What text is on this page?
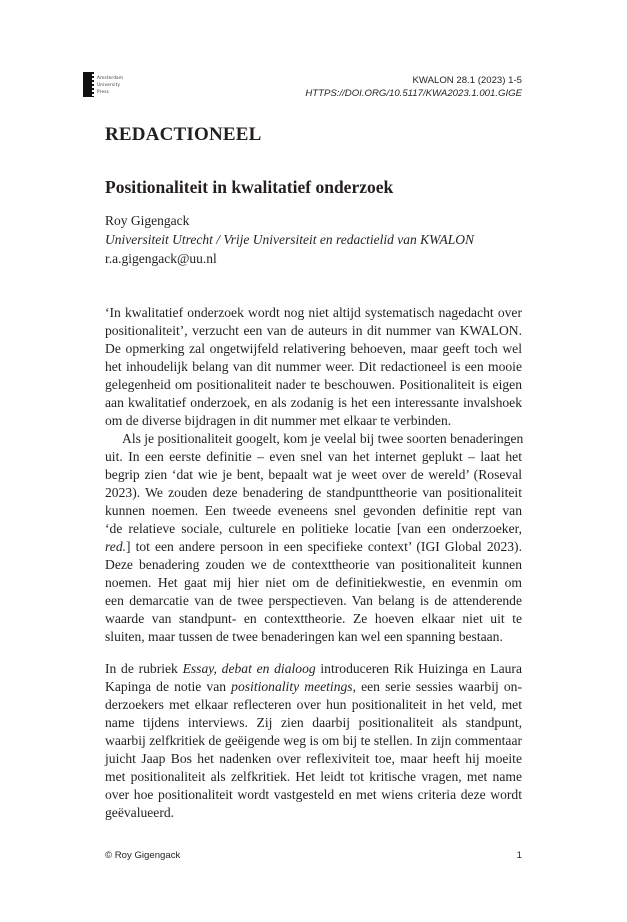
Amsterdam
University
Press
KWALON 28.1 (2023) 1-5
HTTPS://DOI.ORG/10.5117/KWA2023.1.001.GIGE
REDACTIONEEL
Positionaliteit in kwalitatief onderzoek
Roy Gigengack
Universiteit Utrecht / Vrije Universiteit en redactielid van KWALON
r.a.gigengack@uu.nl
‘In kwalitatief onderzoek wordt nog niet altijd systematisch nagedacht over
positionaliteit’, verzucht een van de auteurs in dit nummer van KWALON.
De opmerking zal ongetwijfeld relativering behoeven, maar geeft toch wel
het inhoudelijk belang van dit nummer weer. Dit redactioneel is een mooie
gelegenheid om positionaliteit nader te beschouwen. Positionaliteit is eigen
aan kwalitatief onderzoek, en als zodanig is het een interessante invalshoek
om de diverse bijdragen in dit nummer met elkaar te verbinden.
Als je positionaliteit googelt, kom je veelal bij twee soorten benaderingen
uit. In een eerste definitie – even snel van het internet geplukt – laat het
begrip zien ‘dat wie je bent, bepaalt wat je weet over de wereld’ (Roseval
2023). We zouden deze benadering de standpunttheorie van positionaliteit
kunnen noemen. Een tweede eveneens snel gevonden definitie rept van
‘de relatieve sociale, culturele en politieke locatie [van een onderzoeker,
red.] tot een andere persoon in een specifieke context’ (IGI Global 2023).
Deze benadering zouden we de contexttheorie van positionaliteit kunnen
noemen. Het gaat mij hier niet om de definitiekwestie, en evenmin om
een demarcatie van de twee perspectieven. Van belang is de attenderende
waarde van standpunt- en contexttheorie. Ze hoeven elkaar niet uit te
sluiten, maar tussen de twee benaderingen kan wel een spanning bestaan.
In de rubriek Essay, debat en dialoog introduceren Rik Huizinga en Laura
Kapinga de notie van positionality meetings, een serie sessies waarbij on-
derzoekers met elkaar reflecteren over hun positionaliteit in het veld, met
name tijdens interviews. Zij zien daarbij positionaliteit als standpunt,
waarbij zelfkritiek de geëigende weg is om bij te stellen. In zijn commentaar
juicht Jaap Bos het nadenken over reflexiviteit toe, maar heeft hij moeite
met positionaliteit als zelfkritiek. Het leidt tot kritische vragen, met name
over hoe positionaliteit wordt vastgesteld en met wiens criteria deze wordt
geëvalueerd.
© Roy Gigengack	1
